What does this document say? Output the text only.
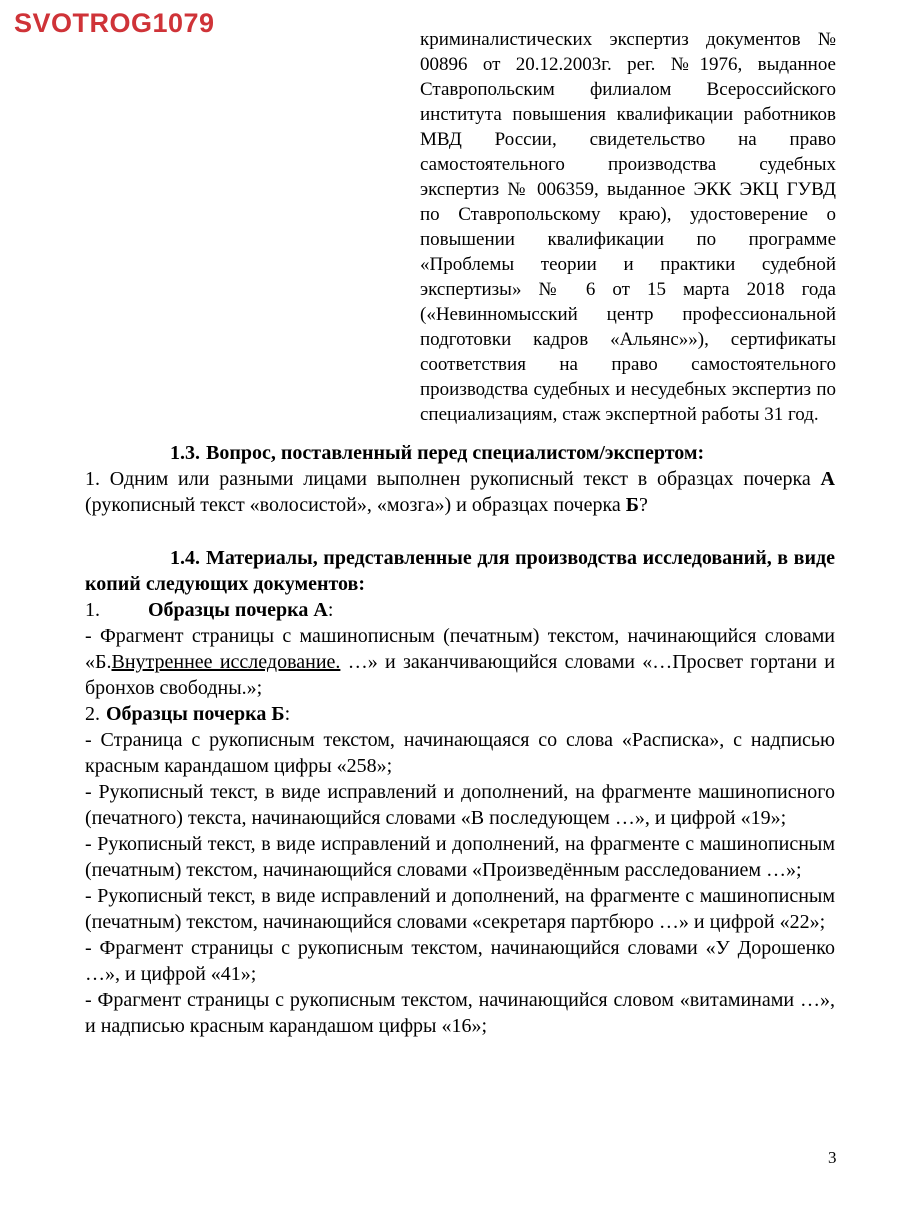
SVOTROG1079
криминалистических экспертиз документов № 00896 от 20.12.2003г. рег. №1976, выданное Ставропольским филиалом Всероссийского института повышения квалификации работников МВД России, свидетельство на право самостоятельного производства судебных экспертиз № 006359, выданное ЭКК ЭКЦ ГУВД по Ставропольскому краю), удостоверение о повышении квалификации по программе «Проблемы теории и практики судебной экспертизы» № 6 от 15 марта 2018 года («Невинномысский центр профессиональной подготовки кадров «Альянс»»), сертификаты соответствия на право самостоятельного производства судебных и несудебных экспертиз по специализациям, стаж экспертной работы 31 год.

1.3. Вопрос, поставленный перед специалистом/экспертом:

1. Одним или разными лицами выполнен рукописный текст в образцах почерка А (рукописный текст «волосистой», «мозга») и образцах почерка Б?

1.4. Материалы, представленные для производства исследований, в виде копий следующих документов:

1. Образцы почерка А:

- Фрагмент страницы с машинописным (печатным) текстом, начинающийся словами «Б.Внутреннее исследование. …» и заканчивающийся словами «…Просвет гортани и бронхов свободны.»;

2. Образцы почерка Б:

- Страница с рукописным текстом, начинающаяся со слова «Расписка», с надписью красным карандашом цифры «258»;

- Рукописный текст, в виде исправлений и дополнений, на фрагменте машинописного (печатного) текста, начинающийся словами «В последующем …», и цифрой «19»;

- Рукописный текст, в виде исправлений и дополнений, на фрагменте с машинописным (печатным) текстом, начинающийся словами «Произведённым расследованием …»;

- Рукописный текст, в виде исправлений и дополнений, на фрагменте с машинописным (печатным) текстом, начинающийся словами «секретаря партбюро …» и цифрой «22»;

- Фрагмент страницы с рукописным текстом, начинающийся словами «У Дорошенко …», и цифрой «41»;

- Фрагмент страницы с рукописным текстом, начинающийся словом «витаминами …», и надписью красным карандашом цифры «16»;

3
